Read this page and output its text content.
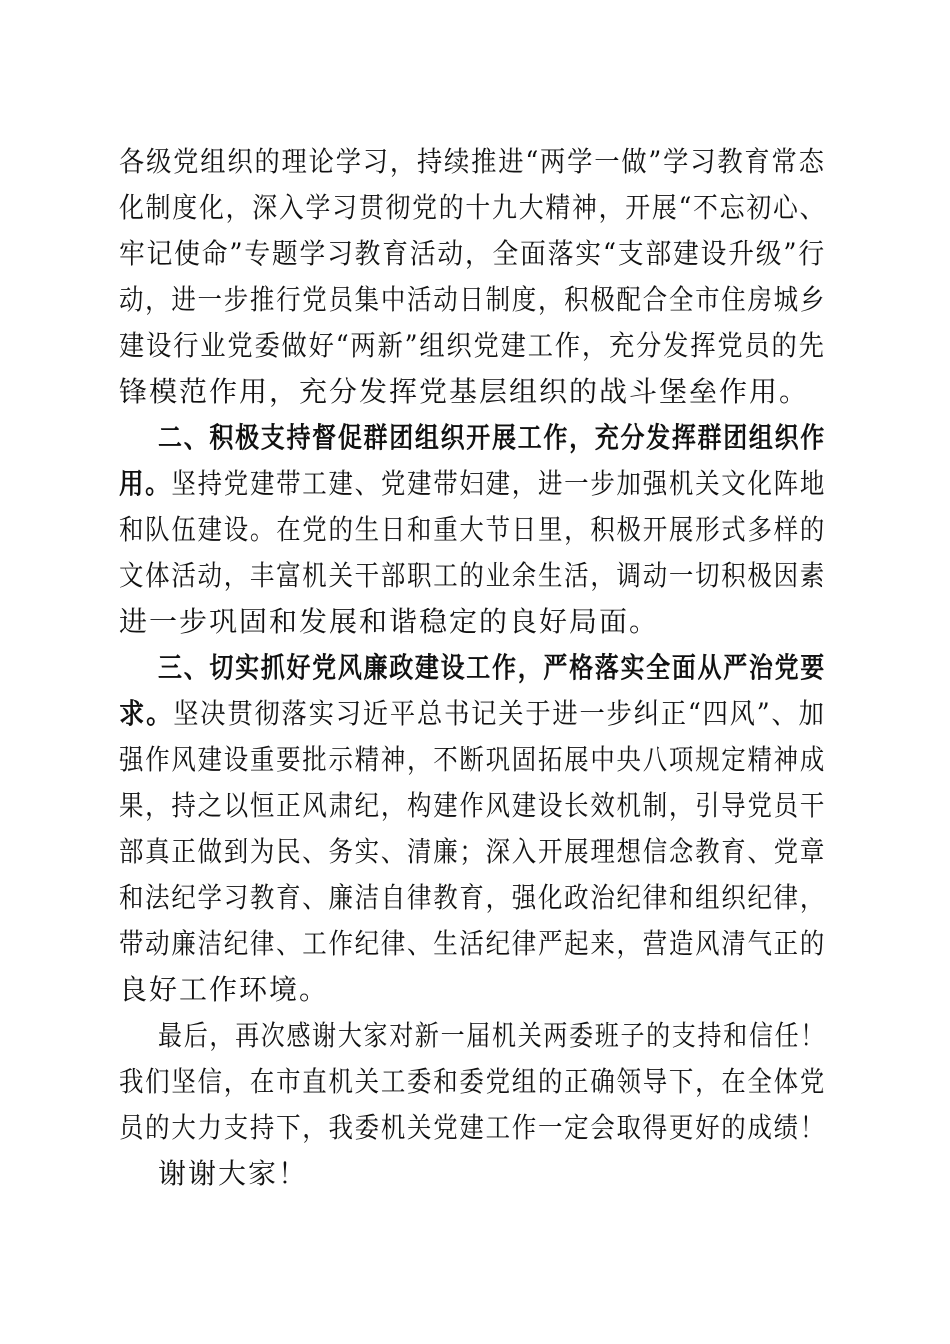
各级党组织的理论学习，持续推进“两学一做”学习教育常态
化制度化，深入学习贯彻党的十九大精神，开展“不忘初心、
牢记使命”专题学习教育活动，全面落实“支部建设升级”行
动，进一步推行党员集中活动日制度，积极配合全市住房城乡
建设行业党委做好“两新”组织党建工作，充分发挥党员的先
锋模范作用，充分发挥党基层组织的战斗堡垒作用。
二、积极支持督促群团组织开展工作，充分发挥群团组织作
用。坚持党建带工建、党建带妇建，进一步加强机关文化阵地
和队伍建设。在党的生日和重大节日里，积极开展形式多样的
文体活动，丰富机关干部职工的业余生活，调动一切积极因素
进一步巩固和发展和谐稳定的良好局面。
三、切实抓好党风廉政建设工作，严格落实全面从严治党要
求。坚决贯彻落实习近平总书记关于进一步纠正“四风”、加
强作风建设重要批示精神，不断巩固拓展中央八项规定精神成
果，持之以恒正风肃纪，构建作风建设长效机制，引导党员干
部真正做到为民、务实、清廉；深入开展理想信念教育、党章
和法纪学习教育、廉洁自律教育，强化政治纪律和组织纪律，
带动廉洁纪律、工作纪律、生活纪律严起来，营造风清气正的
良好工作环境。
最后，再次感谢大家对新一届机关两委班子的支持和信任！
我们坚信，在市直机关工委和委党组的正确领导下，在全体党
员的大力支持下，我委机关党建工作一定会取得更好的成绩！
谢谢大家！
